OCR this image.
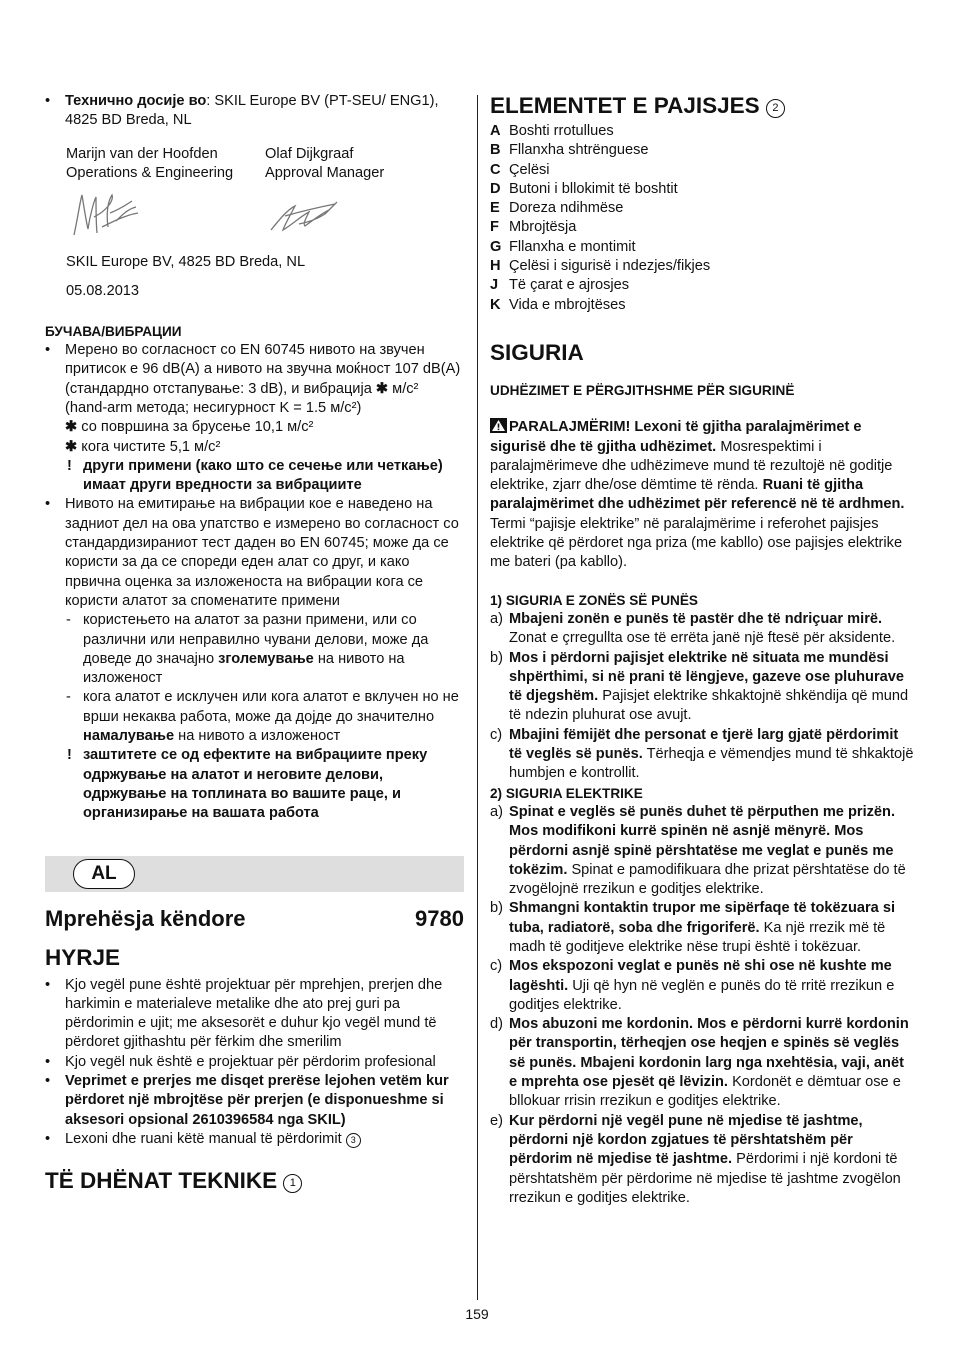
• Технично досије во: SKIL Europe BV (PT-SEU/ ENG1), 4825 BD Breda, NL
Marijn van der Hoofden
Operations & Engineering
Olaf Dijkgraaf
Approval Manager
SKIL Europe BV, 4825 BD Breda, NL
05.08.2013
БУЧАВА/ВИБРАЦИИ
• Мерено во согласност со EN 60745 нивото на звучен притисок е 96 dB(A) а нивото на звучна моќност 107 dB(A) (стандардно отстапување: 3 dB), и вибрација ✱ м/с² (hand-arm метода; несигурност K = 1.5 м/с²)
✱ со површина за брусење 10,1 м/с²
✱ кога чистите 5,1 м/с²
! други примени (како што се сечење или четкање) имаат други вредности за вибрациите
• Нивото на емитирање на вибрации кое е наведено на задниот дел на ова упатство е измерено во согласност со стандардизираниот тест даден во EN 60745; може да се користи за да се спореди еден алат со друг, и како првична оценка за изложеноста на вибрации кога се користи алатот за спомeнатите примени
- користењето на алатот за разни примени, или со различни или неправилно чувани делови, може да доведе до значајно зголемување на нивото на изложеност
- кога алатот е исклучен или кога алатот е вклучен но не врши некаква работа, може да дојде до значително намалување на нивото а изложеност
! заштитете се од ефектите на вибрациите преку одржување на алатот и неговите делови, одржување на топлината во вашите раце, и организирање на вашата работа
AL
Mprehësja këndore	9780
HYRJE
• Kjo vegël pune është projektuar për mprehjen, prerjen dhe harkimin e materialeve metalike dhe ato prej guri pa përdorimin e ujit; me aksesorët e duhur kjo vegël mund të përdoret gjithashtu për fërkim dhe smerilim
• Kjo vegël nuk është e projektuar për përdorim profesional
• Veprimet e prerjes me disqet prerëse lejohen vetëm kur përdoret një mbrojtëse për prerjen (e disponueshme si aksesori opsional 2610396584 nga SKIL)
• Lexoni dhe ruani këtë manual të përdorimit 3
TË DHËNAT TEKNIKE 1
ELEMENTET E PAJISJES 2
A Boshti rrotullues
B Fllanxha shtrënguese
C Çelësi
D Butoni i bllokimit të boshtit
E Doreza ndihmëse
F Mbrojtësja
G Fllanxha e montimit
H Çelësi i sigurisë i ndezjes/fikjes
J Të çarat e ajrosjes
K Vida e mbrojtëses
SIGURIA
UDHËZIMET E PËRGJITHSHME PËR SIGURINË

PARALAJMËRIM! Lexoni të gjitha paralajmërimet e sigurisë dhe të gjitha udhëzimet. Mosrespektimi i paralajmërimeve dhe udhëzimeve mund të rezultojë në goditje elektrike, zjarr dhe/ose dëmtime të rënda. Ruani të gjitha paralajmërimet dhe udhëzimet për referencë në të ardhmen. Termi “pajisje elektrike” në paralajmërime i referohet pajisjes elektrike që përdoret nga priza (me kabllo) ose pajisjes elektrike me bateri (pa kabllo).

1) SIGURIA E ZONËS SË PUNËS
a) Mbajeni zonën e punës të pastër dhe të ndriçuar mirë. Zonat e çrregullta ose të errëta janë një ftesë për aksidente.
b) Mos i përdorni pajisjet elektrike në situata me mundësi shpërthimi, si në prani të lëngjeve, gazeve ose pluhurave të djegshëm. Pajisjet elektrike shkaktojnë shkëndija që mund të ndezin pluhurat ose avujt.
c) Mbajini fëmijët dhe personat e tjerë larg gjatë përdorimit të veglës së punës. Tërheqja e vëmendjes mund të shkaktojë humbjen e kontrollit.
2) SIGURIA ELEKTRIKE
a) Spinat e veglës së punës duhet të përputhen me prizën. Mos modifikoni kurrë spinën në asnjë mënyrë. Mos përdorni asnjë spinë përshtatëse me veglat e punës me tokëzim. Spinat e pamodifikuara dhe prizat përshtatëse do të zvogëlojnë rrezikun e goditjes elektrike.
b) Shmangni kontaktin trupor me sipërfaqe të tokëzuara si tuba, radiatorë, soba dhe frigoriferë. Ka një rrezik më të madh të goditjeve elektrike nëse trupi është i tokëzuar.
c) Mos ekspozoni veglat e punës në shi ose në kushte me lagështi. Uji që hyn në veglën e punës do të rritë rrezikun e goditjes elektrike.
d) Mos abuzoni me kordonin. Mos e përdorni kurrë kordonin për transportin, tërheqjen ose heqjen e spinës së veglës së punës. Mbajeni kordonin larg nga nxehtësia, vaji, anët e mprehta ose pjesët që lëvizin. Kordonët e dëmtuar ose e bllokuar rrisin rrezikun e goditjes elektrike.
e) Kur përdorni një vegël pune në mjedise të jashtme, përdorni një kordon zgjatues të përshtatshëm për përdorim në mjedise të jashtme. Përdorimi i një kordoni të përshtatshëm për përdorime në mjedise të jashtme zvogëlon rrezikun e goditjes elektrike.
159
